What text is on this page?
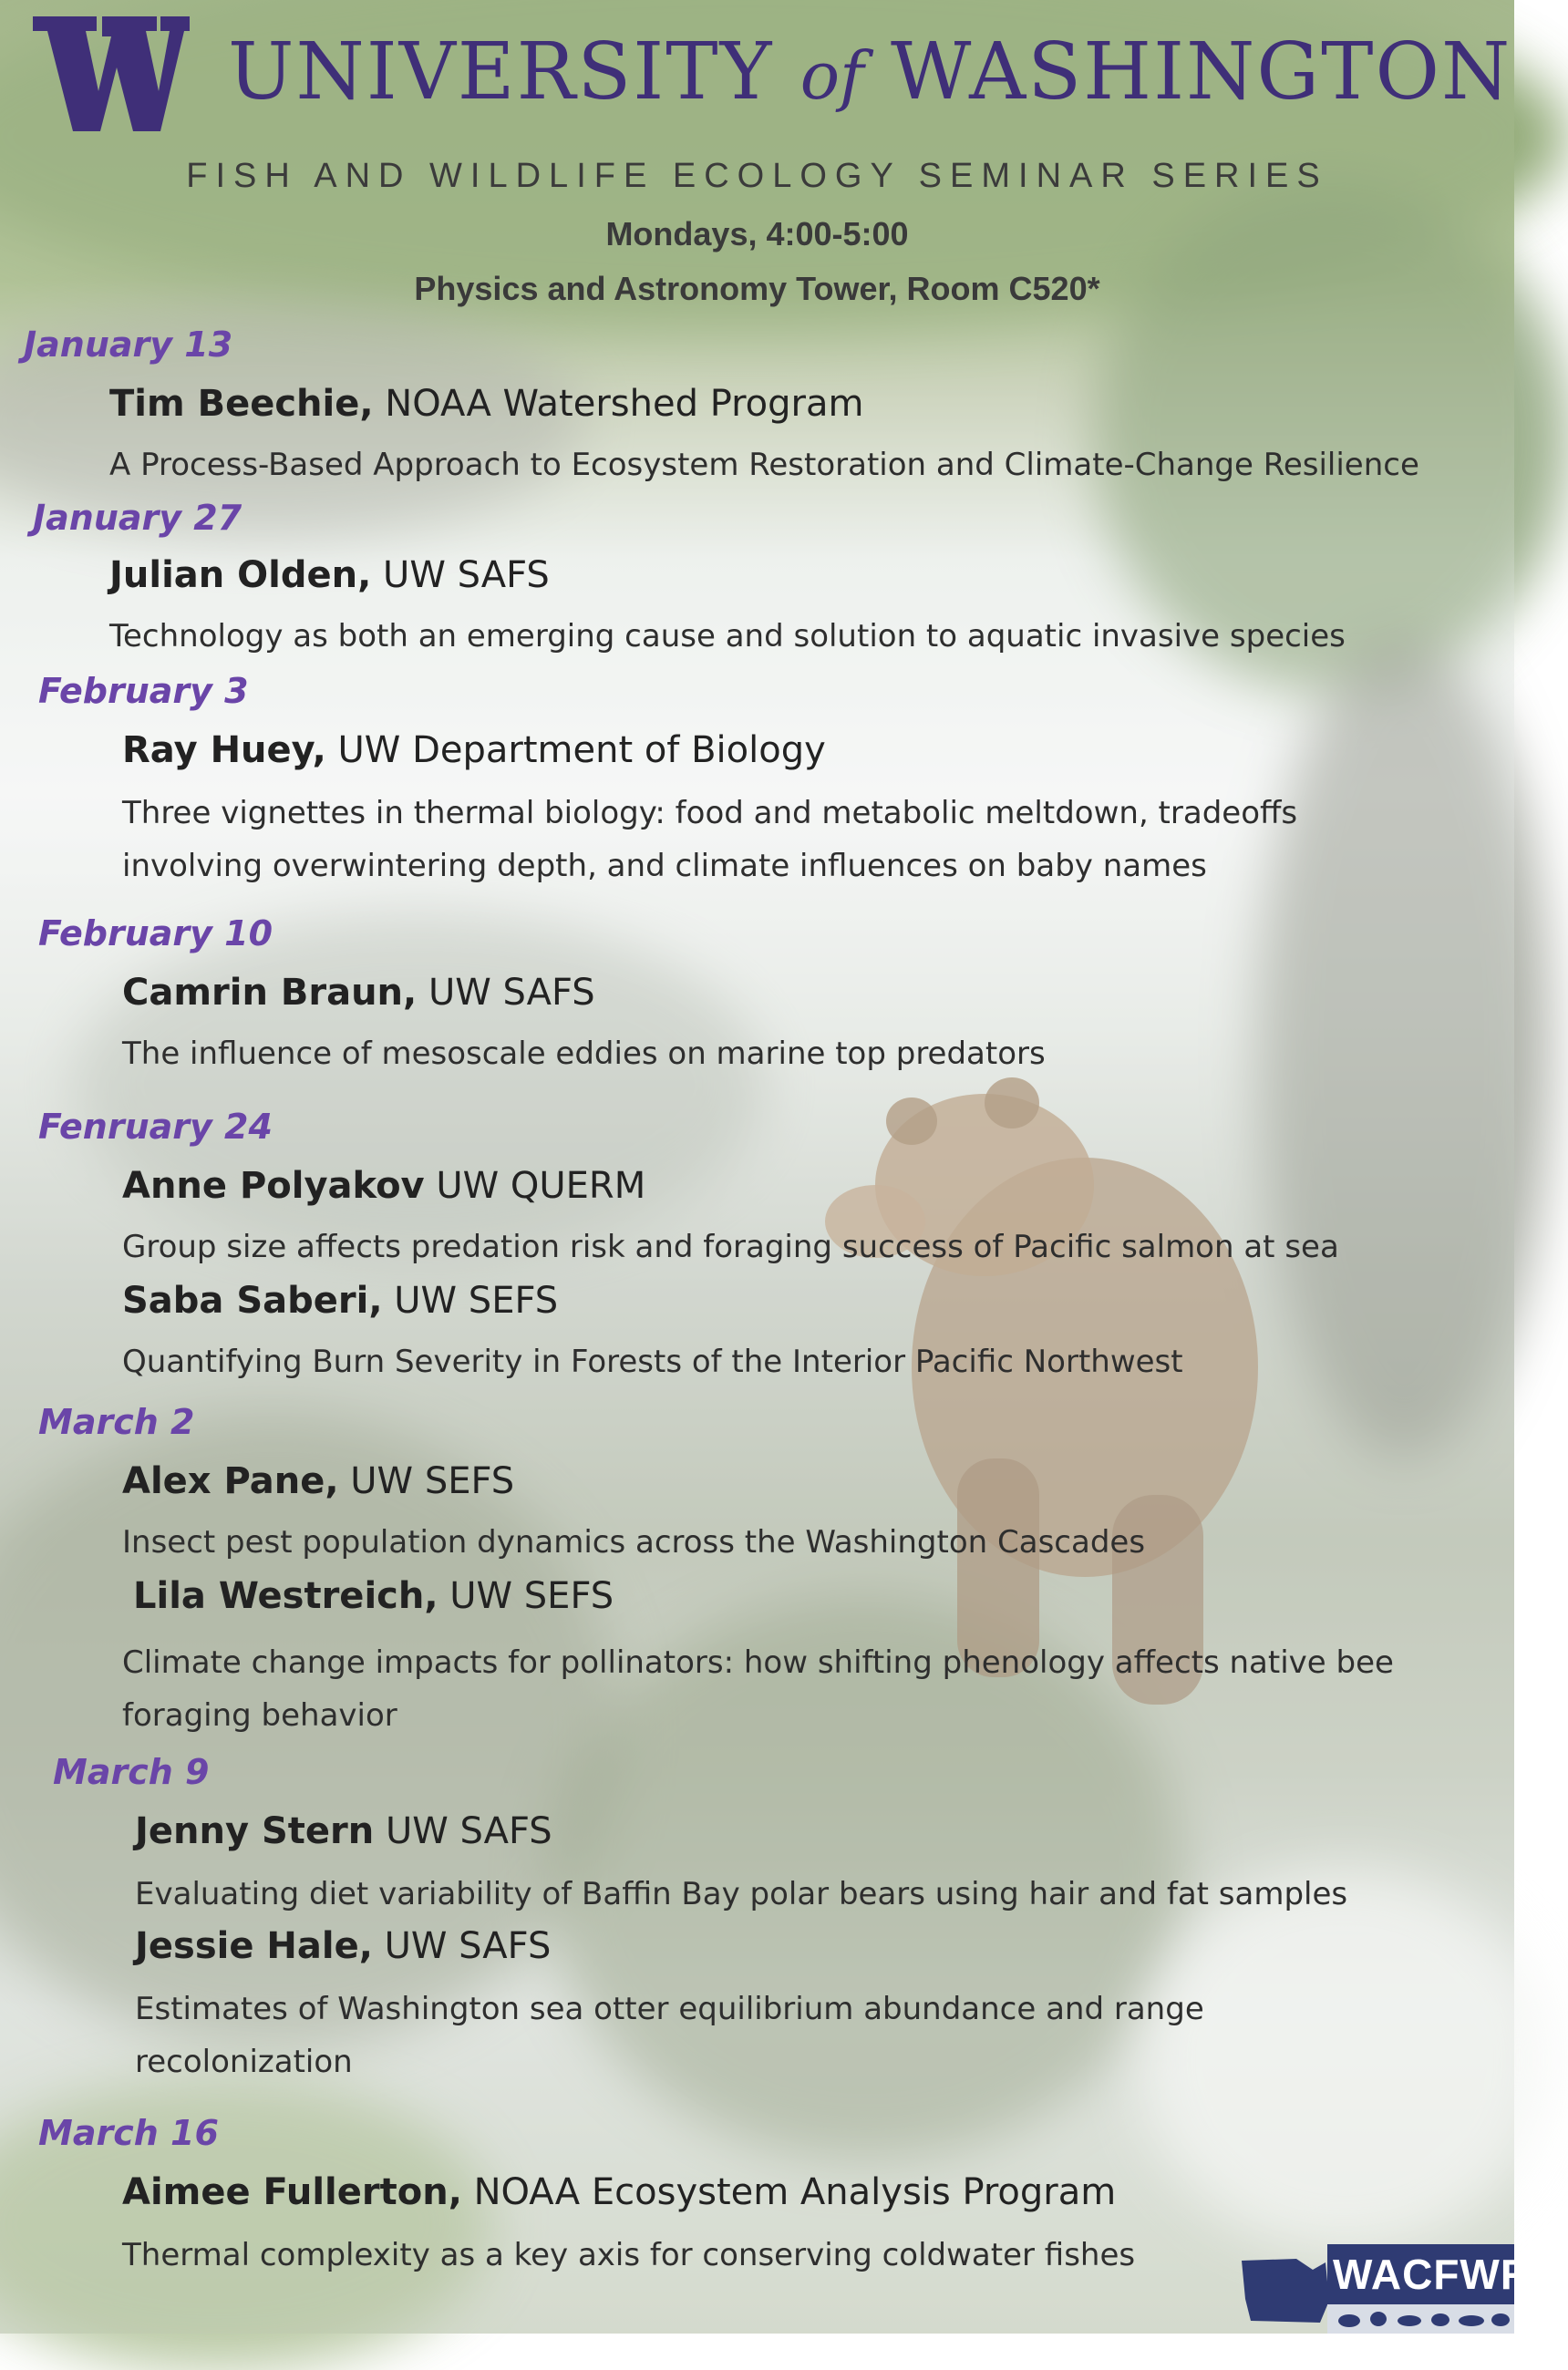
UNIVERSITY of WASHINGTON
FISH AND WILDLIFE ECOLOGY SEMINAR SERIES
Mondays, 4:00-5:00
Physics and Astronomy Tower, Room C520*
January 13
Tim Beechie, NOAA Watershed Program
A Process-Based Approach to Ecosystem Restoration and Climate-Change Resilience
January 27
Julian Olden, UW SAFS
Technology as both an emerging cause and solution to aquatic invasive species
February 3
Ray Huey, UW Department of Biology
Three vignettes in thermal biology: food and metabolic meltdown, tradeoffs
involving overwintering depth, and climate influences on baby names
February 10
Camrin Braun, UW SAFS
The influence of mesoscale eddies on marine top predators
Fenruary 24
Anne Polyakov UW QUERM
Group size affects predation risk and foraging success of Pacific salmon at sea
Saba Saberi, UW SEFS
Quantifying Burn Severity in Forests of the Interior Pacific Northwest
March 2
Alex Pane, UW SEFS
Insect pest population dynamics across the Washington Cascades
Lila Westreich, UW SEFS
Climate change impacts for pollinators: how shifting phenology affects native bee
foraging behavior
March 9
Jenny Stern UW SAFS
Evaluating diet variability of Baffin Bay polar bears using hair and fat samples
Jessie Hale, UW SAFS
Estimates of Washington sea otter equilibrium abundance and range
recolonization
March 16
Aimee Fullerton, NOAA Ecosystem Analysis Program
Thermal complexity as a key axis for conserving coldwater fishes	WACFWRU
